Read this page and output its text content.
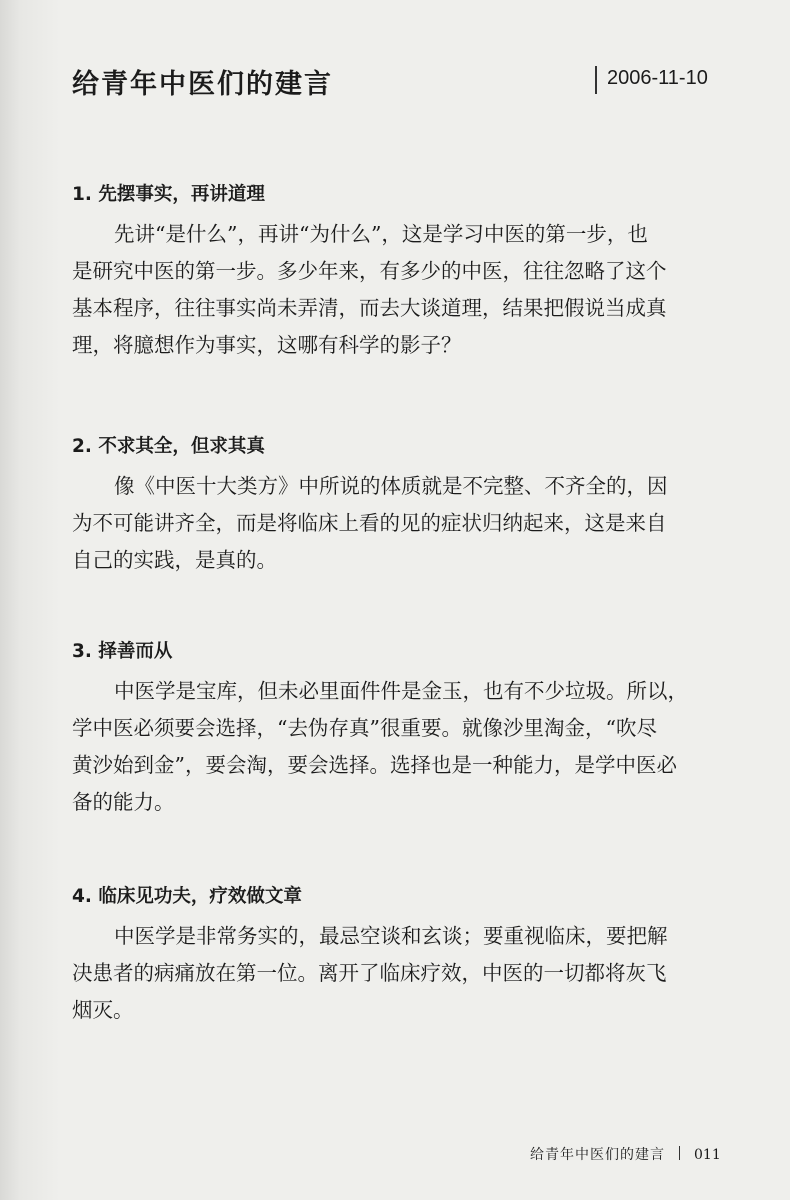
给青年中医们的建言	2006-11-10
1. 先摆事实，再讲道理
先讲“是什么”，再讲“为什么”，这是学习中医的第一步，也
是研究中医的第一步。多少年来，有多少的中医，往往忽略了这个
基本程序，往往事实尚未弄清，而去大谈道理，结果把假说当成真
理，将臆想作为事实，这哪有科学的影子？
2. 不求其全，但求其真
像《中医十大类方》中所说的体质就是不完整、不齐全的，因
为不可能讲齐全，而是将临床上看的见的症状归纳起来，这是来自
自己的实践，是真的。
3. 择善而从
中医学是宝库，但未必里面件件是金玉，也有不少垃圾。所以，
学中医必须要会选择，“去伪存真”很重要。就像沙里淘金，“吹尽
黄沙始到金”，要会淘，要会选择。选择也是一种能力，是学中医必
备的能力。
4. 临床见功夫，疗效做文章
中医学是非常务实的，最忌空谈和玄谈；要重视临床，要把解
决患者的病痛放在第一位。离开了临床疗效，中医的一切都将灰飞
烟灭。
给青年中医们的建言 011
